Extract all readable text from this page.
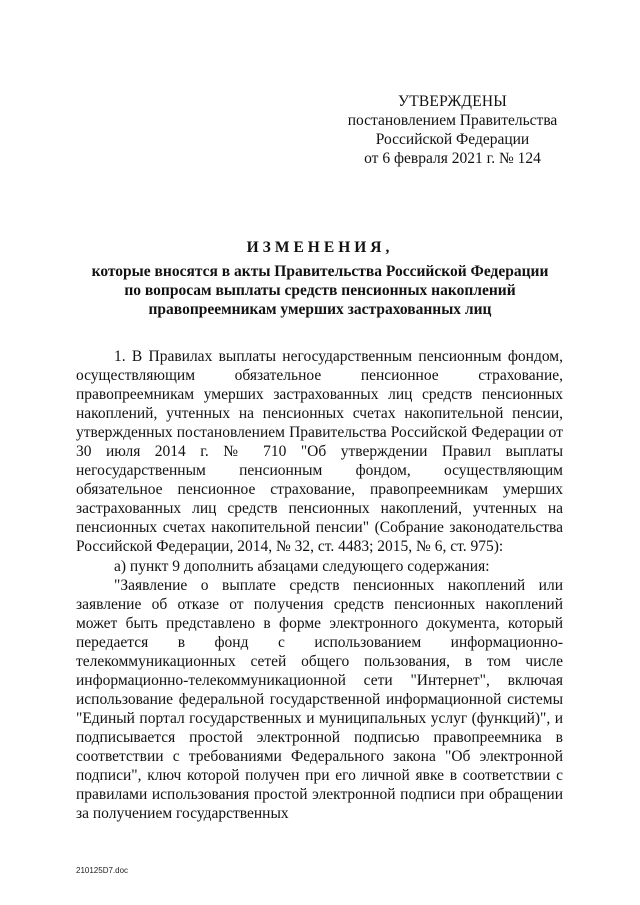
УТВЕРЖДЕНЫ
постановлением Правительства
Российской Федерации
от 6 февраля 2021 г. № 124
ИЗМЕНЕНИЯ,
которые вносятся в акты Правительства Российской Федерации
по вопросам выплаты средств пенсионных накоплений
правопреемникам умерших застрахованных лиц

1. В Правилах выплаты негосударственным пенсионным фондом, осуществляющим обязательное пенсионное страхование, правопреемникам умерших застрахованных лиц средств пенсионных накоплений, учтенных на пенсионных счетах накопительной пенсии, утвержденных постановлением Правительства Российской Федерации от 30 июля 2014 г. № 710 "Об утверждении Правил выплаты негосударственным пенсионным фондом, осуществляющим обязательное пенсионное страхование, правопреемникам умерших застрахованных лиц средств пенсионных накоплений, учтенных на пенсионных счетах накопительной пенсии" (Собрание законодательства Российской Федерации, 2014, № 32, ст. 4483; 2015, № 6, ст. 975):

а) пункт 9 дополнить абзацами следующего содержания:

"Заявление о выплате средств пенсионных накоплений или заявление об отказе от получения средств пенсионных накоплений может быть представлено в форме электронного документа, который передается в фонд с использованием информационно-телекоммуникационных сетей общего пользования, в том числе информационно-телекоммуникационной сети "Интернет", включая использование федеральной государственной информационной системы "Единый портал государственных и муниципальных услуг (функций)", и подписывается простой электронной подписью правопреемника в соответствии с требованиями Федерального закона "Об электронной подписи", ключ которой получен при его личной явке в соответствии с правилами использования простой электронной подписи при обращении за получением государственных

210125D7.doc
